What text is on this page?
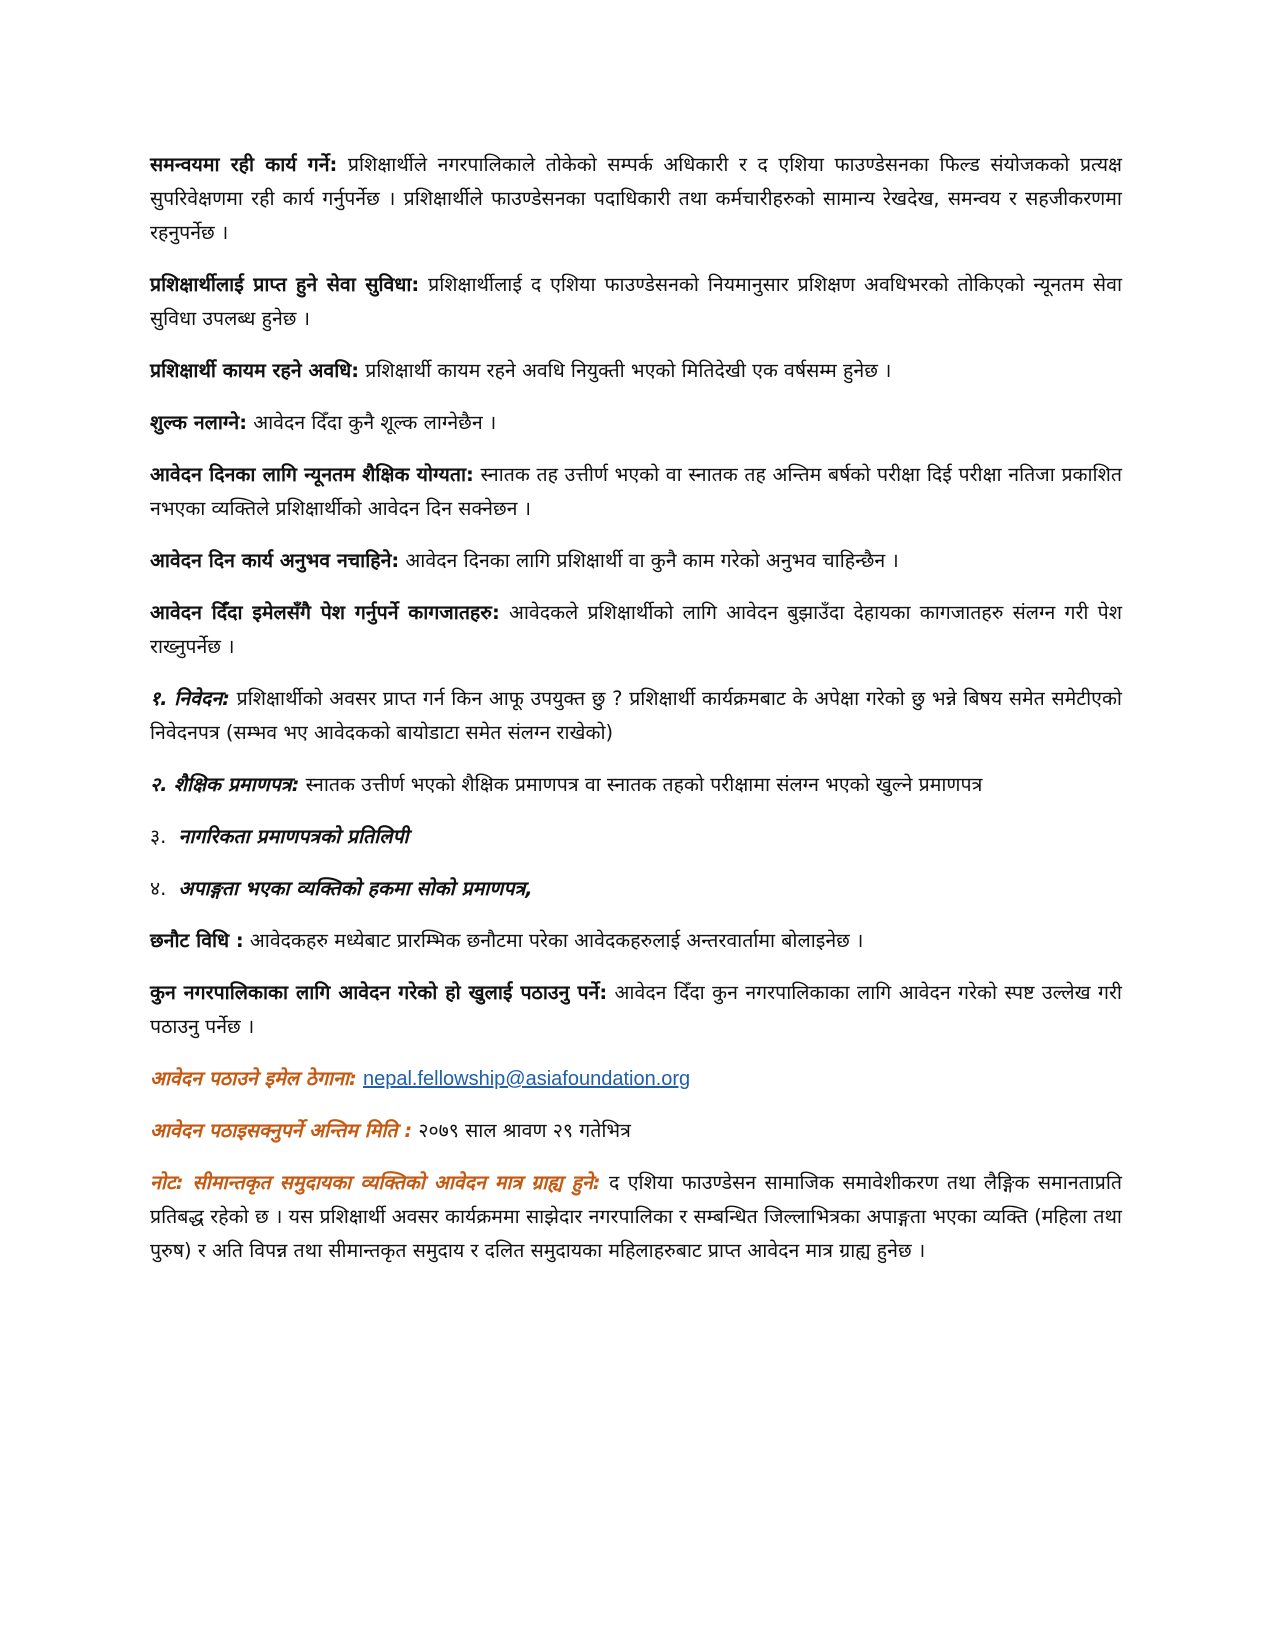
समन्वयमा रही कार्य गर्ने: प्रशिक्षार्थीले नगरपालिकाले तोकेको सम्पर्क अधिकारी र द एशिया फाउण्डेसनका फिल्ड संयोजकको प्रत्यक्ष सुपरिवेक्षणमा रही कार्य गर्नुपर्नेछ । प्रशिक्षार्थीले फाउण्डेसनका पदाधिकारी तथा कर्मचारीहरुको सामान्य रेखदेख, समन्वय र सहजीकरणमा रहनुपर्नेछ ।

प्रशिक्षार्थीलाई प्राप्त हुने सेवा सुविधा: प्रशिक्षार्थीलाई द एशिया फाउण्डेसनको नियमानुसार प्रशिक्षण अवधिभरको तोकिएको न्यूनतम सेवा सुविधा उपलब्ध हुनेछ ।

प्रशिक्षार्थी कायम रहने अवधि: प्रशिक्षार्थी कायम रहने अवधि नियुक्ती भएको मितिदेखी एक वर्षसम्म हुनेछ ।

शुल्क नलाग्ने: आवेदन दिँदा कुनै शूल्क लाग्नेछैन ।

आवेदन दिनका लागि न्यूनतम शैक्षिक योग्यता: स्नातक तह उत्तीर्ण भएको वा स्नातक तह अन्तिम बर्षको परीक्षा दिई परीक्षा नतिजा प्रकाशित नभएका व्यक्तिले प्रशिक्षार्थीको आवेदन दिन सक्नेछन ।

आवेदन दिन कार्य अनुभव नचाहिने: आवेदन दिनका लागि प्रशिक्षार्थी वा कुनै काम गरेको अनुभव चाहिन्छैन ।

आवेदन दिँदा इमेलसँगै पेश गर्नुपर्ने कागजातहरु: आवेदकले प्रशिक्षार्थीको लागि आवेदन बुझाउँदा देहायका कागजातहरु संलग्न गरी पेश राख्नुपर्नेछ ।

१. निवेदन: प्रशिक्षार्थीको अवसर प्राप्त गर्न किन आफू उपयुक्त छु ? प्रशिक्षार्थी कार्यक्रमबाट के अपेक्षा गरेको छु भन्ने बिषय समेत समेटीएको निवेदनपत्र (सम्भव भए आवेदकको बायोडाटा समेत संलग्न राखेको)

२. शैक्षिक प्रमाणपत्र: स्नातक उत्तीर्ण भएको शैक्षिक प्रमाणपत्र वा स्नातक तहको परीक्षामा संलग्न भएको खुल्ने प्रमाणपत्र

३. नागरिकता प्रमाणपत्रको प्रतिलिपी

४. अपाङ्गता भएका व्यक्तिको हकमा सोको प्रमाणपत्र,

छनौट विधि : आवेदकहरु मध्येबाट प्रारम्भिक छनौटमा परेका आवेदकहरुलाई अन्तरवार्तामा बोलाइनेछ ।

कुन नगरपालिकाका लागि आवेदन गरेको हो खुलाई पठाउनु पर्ने: आवेदन दिँदा कुन नगरपालिकाका लागि आवेदन गरेको स्पष्ट उल्लेख गरी पठाउनु पर्नेछ ।

आवेदन पठाउने इमेल ठेगाना: nepal.fellowship@asiafoundation.org

आवेदन पठाइसक्नुपर्ने अन्तिम मिति : २०७९ साल श्रावण २९ गतेभित्र

नोट: सीमान्तकृत समुदायका व्यक्तिको आवेदन मात्र ग्राह्य हुने: द एशिया फाउण्डेसन सामाजिक समावेशीकरण तथा लैङ्गिक समानताप्रति प्रतिबद्ध रहेको छ । यस प्रशिक्षार्थी अवसर कार्यक्रममा साझेदार नगरपालिका र सम्बन्धित जिल्लाभित्रका अपाङ्गता भएका व्यक्ति (महिला तथा पुरुष) र अति विपन्न तथा सीमान्तकृत समुदाय र दलित समुदायका महिलाहरुबाट प्राप्त आवेदन मात्र ग्राह्य हुनेछ ।
